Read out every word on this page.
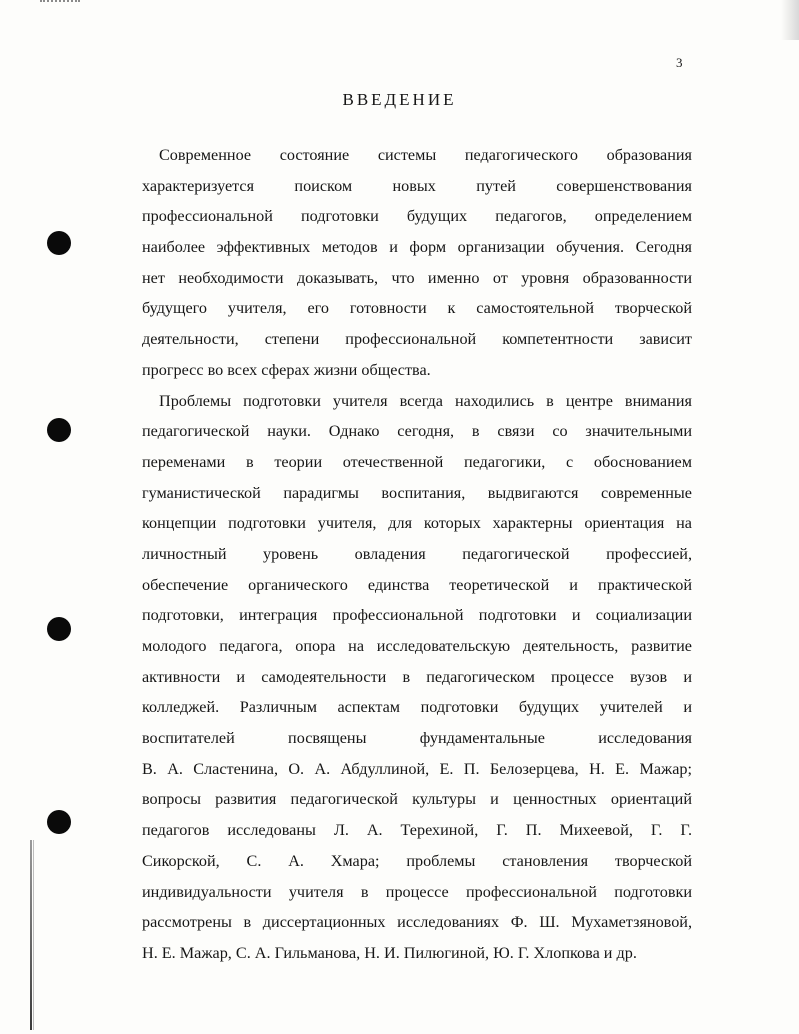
3
ВВЕДЕНИЕ

Современное состояние системы педагогического образования
характеризуется поиском новых путей совершенствования
профессиональной подготовки будущих педагогов, определением
наиболее эффективных методов и форм организации обучения. Сегодня
нет необходимости доказывать, что именно от уровня образованности
будущего учителя, его готовности к самостоятельной творческой
деятельности, степени профессиональной компетентности зависит
прогресс во всех сферах жизни общества.

Проблемы подготовки учителя всегда находились в центре внимания
педагогической науки. Однако сегодня, в связи со значительными
переменами в теории отечественной педагогики, с обоснованием
гуманистической парадигмы воспитания, выдвигаются современные
концепции подготовки учителя, для которых характерны ориентация на
личностный уровень овладения педагогической профессией,
обеспечение органического единства теоретической и практической
подготовки, интеграция профессиональной подготовки и социализации
молодого педагога, опора на исследовательскую деятельность, развитие
активности и самодеятельности в педагогическом процессе вузов и
колледжей. Различным аспектам подготовки будущих учителей и
воспитателей посвящены фундаментальные исследования
В. А. Сластенина, О. А. Абдуллиной, Е. П. Белозерцева, Н. Е. Мажар;
вопросы развития педагогической культуры и ценностных ориентаций
педагогов исследованы Л. А. Терехиной, Г. П. Михеевой, Г. Г.
Сикорской, С. А. Хмара; проблемы становления творческой
индивидуальности учителя в процессе профессиональной подготовки
рассмотрены в диссертационных исследованиях Ф. Ш. Мухаметзяновой,
Н. Е. Мажар, С. А. Гильманова, Н. И. Пилюгиной, Ю. Г. Хлопкова и др.
